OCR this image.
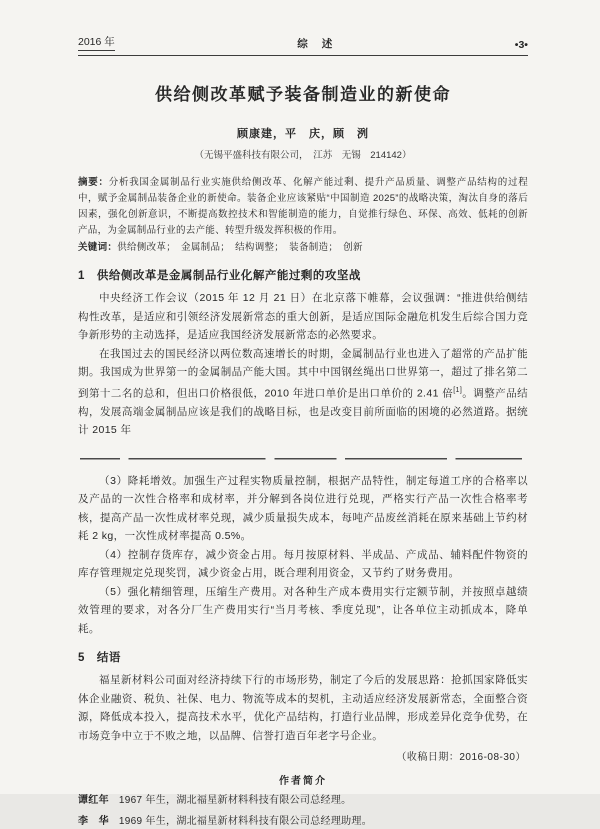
2016 年	综述	•3•
供给侧改革赋予装备制造业的新使命
顾康建，平　庆，顾　洌
（无锡平盛科技有限公司，　江苏　无锡　214142）

摘要：分析我国金属制品行业实施供给侧改革、化解产能过剩、提升产品质量、调整产品结构的过程中，赋予金属制品装备企业的新使命。装备企业应该紧贴“中国制造 2025”的战略决策，淘汰自身的落后因素，强化创新意识，不断提高数控技术和智能制造的能力，自觉推行绿色、环保、高效、低耗的创新产品，为金属制品行业的去产能、转型升级发挥积极的作用。

关键词：供给侧改革；　金属制品；　结构调整；　装备制造；　创新

1　供给侧改革是金属制品行业化解产能过剩的攻坚战

中央经济工作会议（2015 年 12 月 21 日）在北京落下帷幕，会议强调：“推进供给侧结构性改革，是适应和引领经济发展新常态的重大创新，是适应国际金融危机发生后综合国力竞争新形势的主动选择，是适应我国经济发展新常态的必然要求。

在我国过去的国民经济以两位数高速增长的时期，金属制品行业也进入了超常的产品扩能期。我国成为世界第一的金属制品产能大国。其中中国钢丝绳出口世界第一，超过了排名第二到第十二名的总和，但出口价格很低，2010 年进口单价是出口单价的 2.41 倍[1]。调整产品结构，发展高端金属制品应该是我们的战略目标，也是改变目前所面临的困境的必然道路。据统计 2015 年

（3）降耗增效。加强生产过程实物质量控制，根据产品特性，制定每道工序的合格率以及产品的一次性合格率和成材率，并分解到各岗位进行兑现，严格实行产品一次性合格率考核，提高产品一次性成材率兑现，减少质量损失成本，每吨产品废丝消耗在原来基础上节约材耗 2 kg，一次性成材率提高 0.5%。

（4）控制存货库存，减少资金占用。每月按原材料、半成品、产成品、辅料配件物资的库存管理规定兑现奖罚，减少资金占用，既合理利用资金，又节约了财务费用。

（5）强化精细管理，压缩生产费用。对各种生产成本费用实行定额节制，并按照卓越绩效管理的要求，对各分厂生产费用实行“当月考核、季度兑现”，让各单位主动抓成本，降单耗。

5　结语

福星新材料公司面对经济持续下行的市场形势，制定了今后的发展思路：抢抓国家降低实体企业融资、税负、社保、电力、物流等成本的契机，主动适应经济发展新常态，全面整合资源，降低成本投入，提高技术水平，优化产品结构，打造行业品牌，形成差异化竞争优势，在市场竞争中立于不败之地，以品牌、信誉打造百年老字号企业。

（收稿日期：2016-08-30）
作者简介

谭红年 1967 年生，湖北福星新材料科技有限公司总经理。

李　华 1969 年生，湖北福星新材料科技有限公司总经理助理。
